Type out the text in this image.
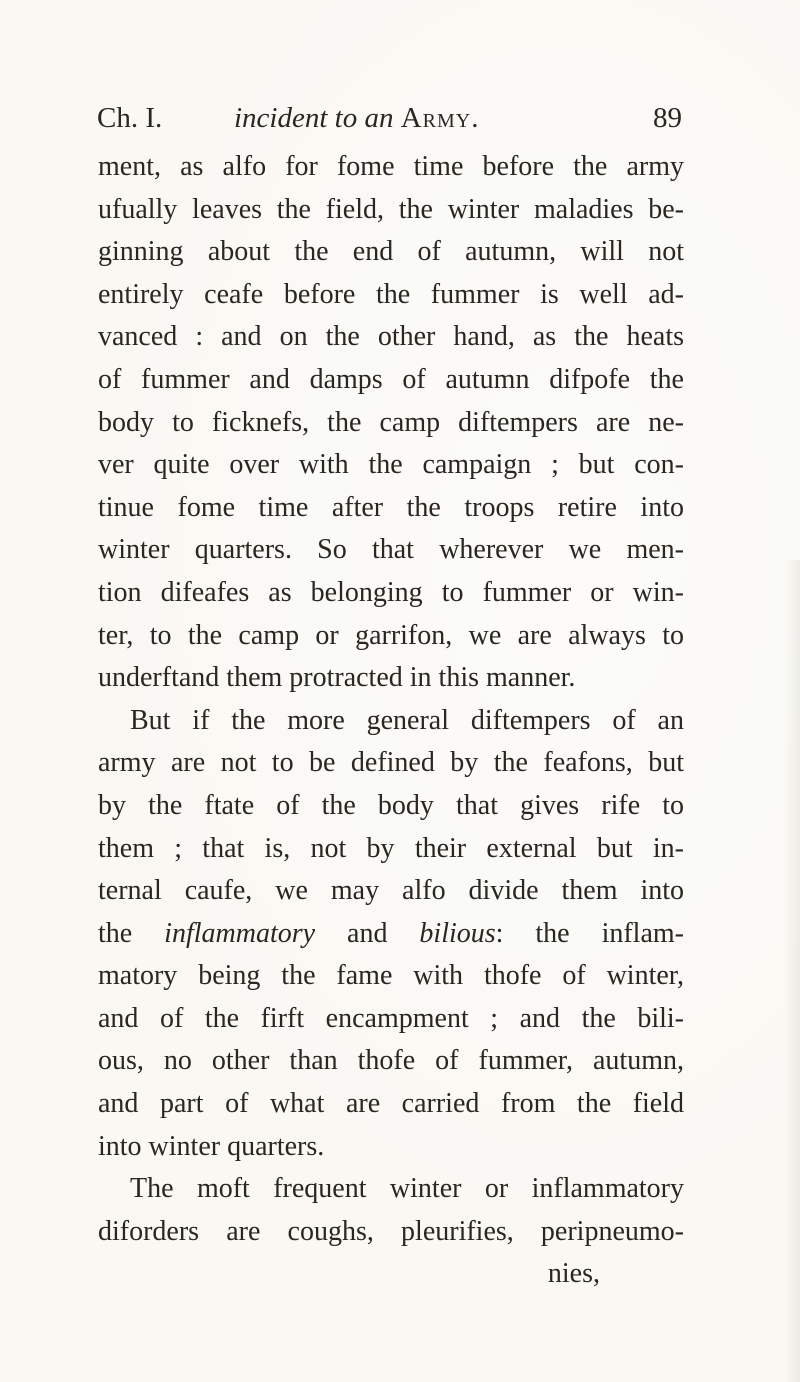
Ch. I. incident to an Army.	89
ment, as alfo for fome time before the army
ufually leaves the field, the winter maladies be-
ginning about the end of autumn, will not
entirely ceafe before the fummer is well ad-
vanced : and on the other hand, as the heats
of fummer and damps of autumn difpofe the
body to ficknefs, the camp diftempers are ne-
ver quite over with the campaign ; but con-
tinue fome time after the troops retire into
winter quarters. So that wherever we men-
tion difeafes as belonging to fummer or win-
ter, to the camp or garrifon, we are always to
underftand them protracted in this manner.
But if the more general diftempers of an
army are not to be defined by the feafons, but
by the ftate of the body that gives rife to
them ; that is, not by their external but in-
ternal caufe, we may alfo divide them into
the inflammatory and bilious: the inflam-
matory being the fame with thofe of winter,
and of the firft encampment ; and the bili-
ous, no other than thofe of fummer, autumn,
and part of what are carried from the field
into winter quarters.
The moft frequent winter or inflammatory
diforders are coughs, pleurifies, peripneumo-
nies,
